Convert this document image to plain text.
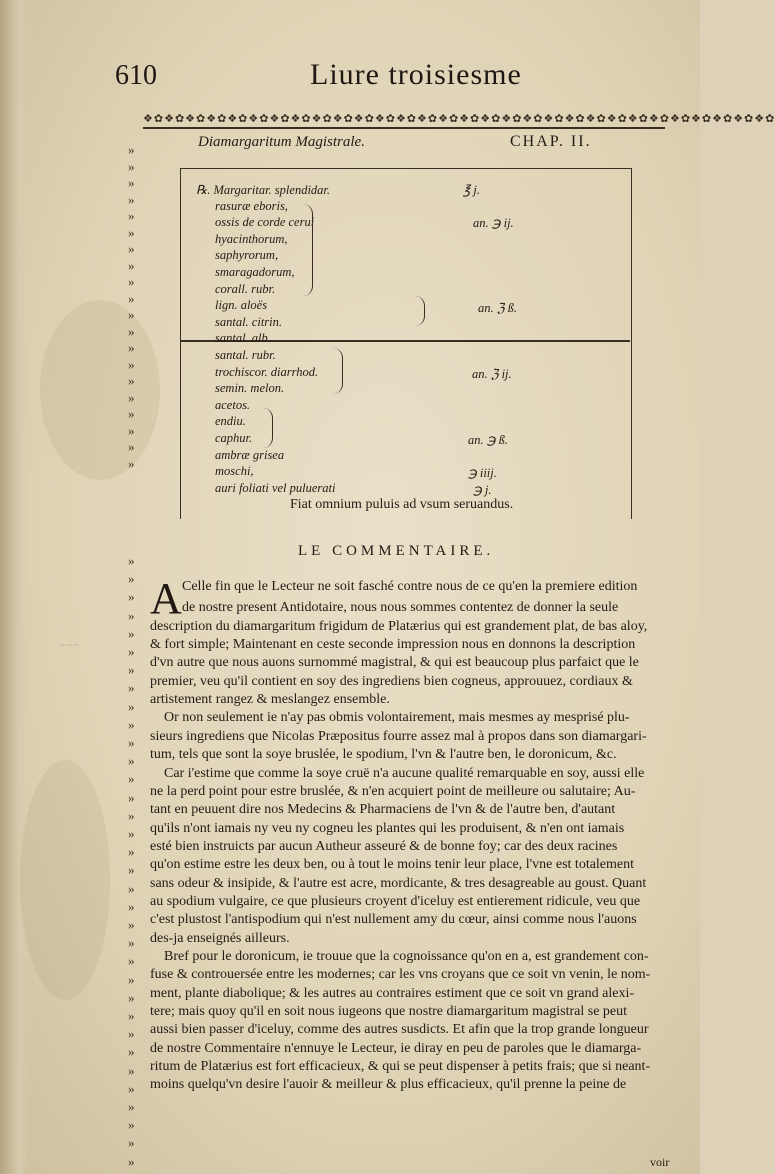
~ ~ ~
610	Liure troisiesme
❖✿❖✿❖✿❖✿❖✿❖✿❖✿❖✿❖✿❖✿❖✿❖✿❖✿❖✿❖✿❖✿❖✿❖✿❖✿❖✿❖✿❖✿❖✿❖✿❖✿❖✿❖✿❖✿❖✿❖✿
Diamargaritum Magistrale.	CHAP. II.
»
»
»
»
»
»
»
»
»
»
»
»
»
»
»
»
»
»
»
»
»
»
»
»
»
»
»
»
»
»
»
»
»
»
»
»
»
»
»
»
»
»
»
»
»
»
»
»
»
»
»
»
»
»
℞. Margaritar. splendidar.
rasuræ eboris,
ossis de corde cerui
hyacinthorum,
saphyrorum,
smaragadorum,
corall. rubr.
lign. aloës
santal. citrin.
santal. alb.
santal. rubr.
trochiscor. diarrhod.
semin. melon.
acetos.
endiu.
caphur.
ambræ grisea
moschi,
auri foliati vel puluerati
℥ j.
an. ℈ ij.
an. ℨ ß.
an. ℨ ij.
an. ℈ ß.
℈ iiij.
℈ j.
Fiat omnium puluis ad vsum seruandus.
LE COMMENTAIRE.
A Celle fin que le Lecteur ne soit fasché contre nous de ce qu'en la premiere edition
de nostre present Antidotaire, nous nous sommes contentez de donner la seule
description du diamargaritum frigidum de Platærius qui est grandement plat, de bas aloy,
& fort simple; Maintenant en ceste seconde impression nous en donnons la description
d'vn autre que nous auons surnommé magistral, & qui est beaucoup plus parfaict que le
premier, veu qu'il contient en soy des ingrediens bien cogneus, approuuez, cordiaux &
artistement rangez & meslangez ensemble.
Or non seulement ie n'ay pas obmis volontairement, mais mesmes ay mesprisé plu-
sieurs ingrediens que Nicolas Præpositus fourre assez mal à propos dans son diamargari-
tum, tels que sont la soye bruslée, le spodium, l'vn & l'autre ben, le doronicum, &c.
Car i'estime que comme la soye cruë n'a aucune qualité remarquable en soy, aussi elle
ne la perd point pour estre bruslée, & n'en acquiert point de meilleure ou salutaire; Au-
tant en peuuent dire nos Medecins & Pharmaciens de l'vn & de l'autre ben, d'autant
qu'ils n'ont iamais ny veu ny cogneu les plantes qui les produisent, & n'en ont iamais
esté bien instruicts par aucun Autheur asseuré & de bonne foy; car des deux racines
qu'on estime estre les deux ben, ou à tout le moins tenir leur place, l'vne est totalement
sans odeur & insipide, & l'autre est acre, mordicante, & tres desagreable au goust. Quant
au spodium vulgaire, ce que plusieurs croyent d'iceluy est entierement ridicule, veu que
c'est plustost l'antispodium qui n'est nullement amy du cœur, ainsi comme nous l'auons
des-ja enseignés ailleurs.
Bref pour le doronicum, ie trouue que la cognoissance qu'on en a, est grandement con-
fuse & controuersée entre les modernes; car les vns croyans que ce soit vn venin, le nom-
ment, plante diabolique; & les autres au contraires estiment que ce soit vn grand alexi-
tere; mais quoy qu'il en soit nous iugeons que nostre diamargaritum magistral se peut
aussi bien passer d'iceluy, comme des autres susdicts. Et afin que la trop grande longueur
de nostre Commentaire n'ennuye le Lecteur, ie diray en peu de paroles que le diamarga-
ritum de Platærius est fort efficacieux, & qui se peut dispenser à petits frais; que si neant-
moins quelqu'vn desire l'auoir & meilleur & plus efficacieux, qu'il prenne la peine de
voir
